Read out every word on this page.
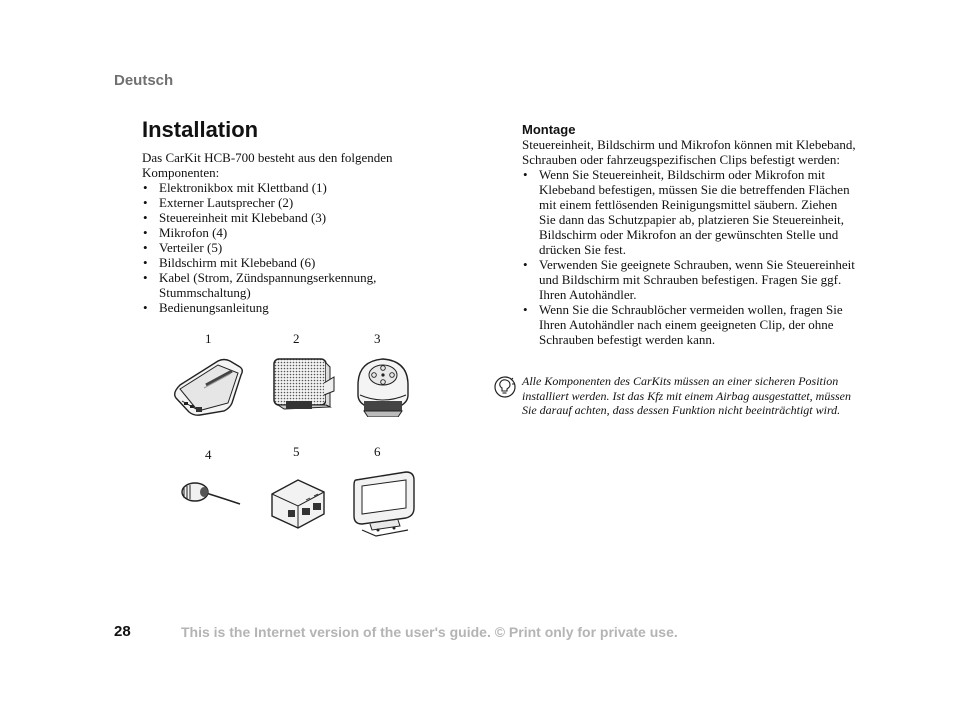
Deutsch
Installation

Das CarKit HCB-700 besteht aus den folgenden Komponenten:

• Elektronikbox mit Klettband (1)
• Externer Lautsprecher (2)
• Steuereinheit mit Klebeband (3)
• Mikrofon (4)
• Verteiler (5)
• Bildschirm mit Klebeband (6)
• Kabel (Strom, Zündspannungserkennung, Stummschaltung)
• Bedienungsanleitung
1	2	3
4	5	6
Montage

Steuereinheit, Bildschirm und Mikrofon können mit Klebeband, Schrauben oder fahrzeugspezifischen Clips befestigt werden:

• Wenn Sie Steuereinheit, Bildschirm oder Mikrofon mit Klebeband befestigen, müssen Sie die betreffenden Flächen mit einem fettlösenden Reinigungsmittel säubern. Ziehen Sie dann das Schutzpapier ab, platzieren Sie Steuereinheit, Bildschirm oder Mikrofon an der gewünschten Stelle und drücken Sie fest.
• Verwenden Sie geeignete Schrauben, wenn Sie Steuereinheit und Bildschirm mit Schrauben befestigen. Fragen Sie ggf. Ihren Autohändler.
• Wenn Sie die Schraublöcher vermeiden wollen, fragen Sie Ihren Autohändler nach einem geeigneten Clip, der ohne Schrauben befestigt werden kann.
Alle Komponenten des CarKits müssen an einer sicheren Position installiert werden. Ist das Kfz mit einem Airbag ausgestattet, müssen Sie darauf achten, dass dessen Funktion nicht beeinträchtigt wird.
28	This is the Internet version of the user's guide. © Print only for private use.
